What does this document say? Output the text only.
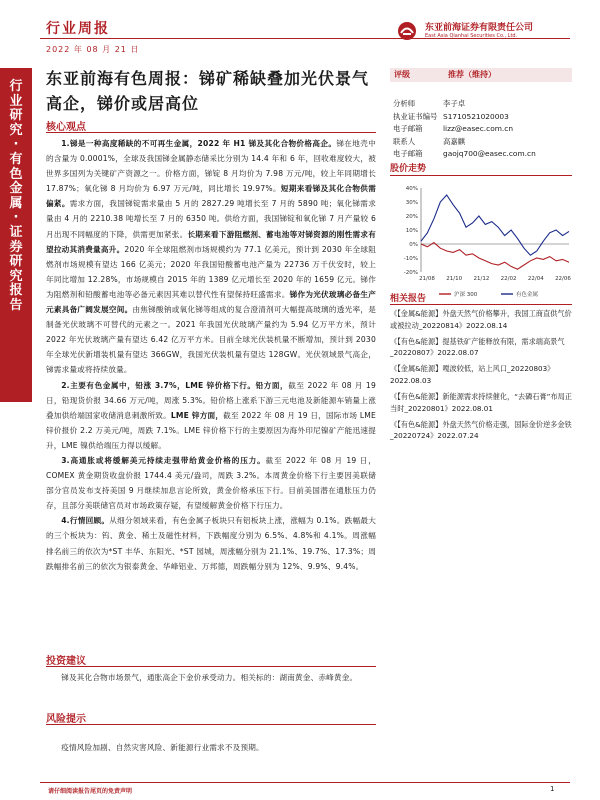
行业周报	东亚前海证券有限责任公司
East Asia Qianhai Securities Co., Ltd.
2022 年 08 月 21 日
行业研究·有色金属·证券研究报告
东亚前海有色周报：锑矿稀缺叠加光伏景气高企，锑价或居高位
核心观点

1.锑是一种高度稀缺的不可再生金属，2022 年 H1 锑及其化合物价格高企。锑在地壳中的含量为 0.0001%，全球及我国锑金属静态储采比分别为 14.4 年和 6 年，回收难度较大，被世界多国列为关键矿产资源之一。价格方面，锑锭 8 月均价为 7.98 万元/吨，较上年同期增长 17.87%；氧化锑 8 月均价为 6.97 万元/吨，同比增长 19.97%。短期来看锑及其化合物供需偏紧。需求方面，我国锑锭需求量由 5 月的 2827.29 吨增长至 7 月的 5890 吨；氧化锑需求量由 4 月的 2210.38 吨增长至 7 月的 6350 吨。供给方面，我国锑锭和氧化锑 7 月产量较 6 月出现不同幅度的下降，供需更加紧张。长期来看下游阻燃剂、蓄电池等对锑资源的刚性需求有望拉动其消费量高升。2020 年全球阻燃剂市场规模约为 77.1 亿美元，预计到 2030 年全球阻燃剂市场规模有望达 166 亿美元；2020 年我国铅酸蓄电池产量为 22736 万千伏安时，较上年同比增加 12.28%，市场规模自 2015 年的 1389 亿元增长至 2020 年的 1659 亿元。锑作为阻燃剂和铅酸蓄电池等必备元素因其难以替代性有望保持旺盛需求。锑作为光伏玻璃必备生产元素具备广阔发展空间。由焦锑酸钠或氧化锑等组成的复合澄清剂可大幅提高玻璃的透光率，是制备光伏玻璃不可替代的元素之一。2021 年我国光伏玻璃产量约为 5.94 亿万平方米，预计 2022 年光伏玻璃产量有望达 6.42 亿万平方米。目前全球光伏装机量不断增加，预计到 2030 年全球光伏新增装机量有望达 366GW，我国光伏装机量有望达 128GW。光伏领域景气高企，锑需求量或将持续放量。

2.主要有色金属中，铅涨 3.7%，LME 锌价格下行。铅方面，截至 2022 年 08 月 19 日，铅现货价报 34.66 万元/吨，周涨 5.3%。铅价格上涨系下游三元电池及新能源车销量上涨叠加供给端国家收储消息刺激所致。LME 锌方面，截至 2022 年 08 月 19 日，国际市场 LME 锌价报价 2.2 万美元/吨，周跌 7.1%。LME 锌价格下行的主要原因为海外印尼镍矿产能迅速提升，LME 镍供给端压力得以缓解。

3.高通胀或将缓解美元持续走强带给黄金价格的压力。截至 2022 年 08 月 19 日，COMEX 黄金期货收盘价报 1744.4 美元/盎司，周跌 3.2%。本周黄金价格下行主要因美联储部分官员发布支持美国 9 月继续加息言论所致，黄金价格承压下行。目前美国潜在通胀压力仍存，且部分美联储官员对市场政策存疑，有望缓解黄金价格下行压力。

4.行情回顾。从细分领域来看，有色金属子板块只有铝板块上涨，涨幅为 0.1%。跌幅最大的三个板块为：钨、黄金、稀土及磁性材料，下跌幅度分别为 6.5%、4.8%和 4.1%。周涨幅排名前三的依次为*ST 丰华、东阳光、*ST 园城，周涨幅分别为 21.1%、19.7%、17.3%；周跌幅排名前三的依次为银泰黄金、华峰铝业、万邦德，周跌幅分别为 12%、9.9%、9.4%。

投资建议

锑及其化合物市场景气，通胀高企下金价承受动力。相关标的：湖南黄金、赤峰黄金。

风险提示

疫情风险加剧、自然灾害风险、新能源行业需求不及预期。

评级	推荐（维持）
分析师	李子卓
执业证书编号 S1710521020003
电子邮箱	lizz@easec.com.cn
联系人	高嘉麒
电子邮箱	gaojq700@easec.com.cn
股价走势
40%
30%
20%
10%
0%
-10%
-20%
21/08 21/10 21/12 22/02 22/04 22/06
沪深 300	有色金属
相关报告
《【金属&能源】外盘天然气价格攀升，我国工商直供气价或被拉动_20220814》2022.08.14
《【有色&能源】提基铁矿产能释放有限，需求端高景气_20220807》2022.08.07
《【金属&能源】嘎波较低，站上风口_20220803》2022.08.03
《【有色&能源】新能源需求持续催化，“去磷石膏”布局正当时_20220801》2022.08.01
《【有色&能源】外盘天然气价格走强，国际金价逆多金铁_20220724》2022.07.24
请仔细阅读报告尾页的免责声明	1
